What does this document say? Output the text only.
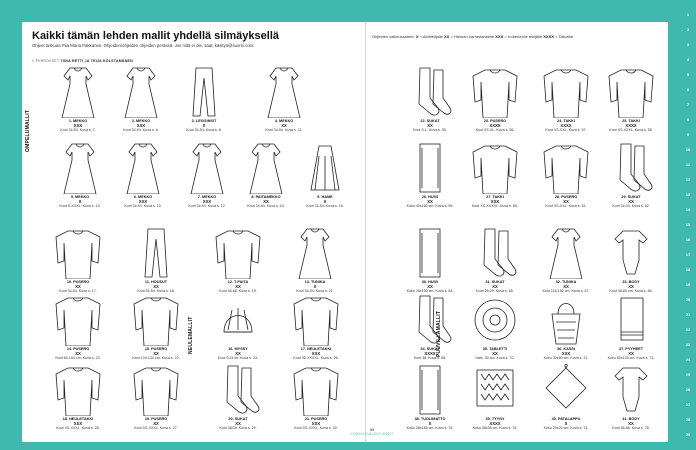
Kaikki tämän lehden mallit yhdellä silmäyksellä
Ohjeet laskuaa Piia Maria Pakkanen. Ohjeiden/ohjeiden ohjeiden perässä. Jos niitä ei ole, saat, käsityö@suomi.com.
// PIIRROKSET TIINA RETTI JA TEIJA KOLSTAMÄNEN
Ohjeiden vaikeusasteet: X = Aloittelijalle XX = Hieman harrastaneelle XXX = Kokeneelle tekijälle XXXX = Taiturille
OMPELUMALLIT
NEULEMALLIT	PUUVILLAMALLIT
1. MEKKO
XXX
Koot 34-54. Kuva s. 7.
2. MEKKO
XXX
Koot 34-54. Kuva s. 6.
3. LEGGINSIT
X
Koot 34-54. Kuva s. 8.
4. MEKKO
XX
Koot 34-54. Kuva s. 11.
5. MEKKO
X
Koot S-XXXL. Kuva s. 13.
6. MEKKO
XXX
Koot 34-54. Kuva s. 10.
7. MEKKO
XXX
Koot 34-54. Kuva s. 12.
8. PAITAMEKKO
XX
Koot 34-54. Kuva s. 14.
9. HAME
X
Koot 34-54. Kuva s. 16.
10. PUSERO
XX
Koot 34-54. Kuva s. 17.
11. HOUSUT
XX
Koot 34-54. Kuva s. 18.
12. T-PAITA
XX
Koot 46-68. Kuva s. 19.
13. TUNIKA
X
Koot 34-54. Kuva s. 21.
14. PUSERO
XX
Koot 80-104 cm. Kuva s. 23.
15. PUSERO
XX
Koot 104-134 cm. Kuva s. 22.
16. MYSSY
XX
Koot 0-24 kk. Kuva s. 24.
17. NEULETAKKI
XXX
Koot 92-XXXXL. Kuva s. 26.
18. NEULETAKKI
XXX
Koot XS-XXXL. Kuva s. 28.
19. PUSERO
XX
Koot XS-XXXL. Kuva s. 27.
20. SUKAT
XX
Koot 38/39. Kuva s. 29.
21. PUSERO
XXX
Koot XS-XXXL. Kuva s. 30.
22. SUKAT
XX
Koot S-L. Kuva s. 55.
23. PUSERO
XXXX
Koot XS-XL. Kuva s. 56.
24. TAKKI
XXXX
Koot XS-XXL. Kuva s. 57.
25. TAKKI
XXXX
Koot XS-XXXL. Kuva s. 58.
26. HUIVI
XX
Koko 40x160 cm. Kuva s. 59.
27. TAKKI
XXX
Koot XS-XXXXL. Kuva s. 60.
28. PUSERO
XX
Koot XS-XXL. Kuva s. 61.
29. SUKAT
XX
Koot 34-34. Kuva s. 62.
30. HUIVI
XX
Koko 35x190 cm. Kuva s. 64.
31. SUKAT
XX
Koot 26-29. Kuva s. 65.
32. TUNIKA
XX
Koot 116-152 cm. Kuva s. 67.
33. BODY
XX
Koot 48-80 cm. Kuva s. 66.
34. SUKAT
XXXX
Koot 38. Kuva s. 68.
35. TABLETTI
XX
Halk. 30 cm. Kuva s. 70.
36. KASSI
XXX
Koko 32x50 cm. Kuva s. 71.
37. PYYHEET
XX
Koko 60x125 cm. Kuva s. 73.
38. TUOLIMATTO
X
Koko 38x185 cm. Kuva s. 75.
39. TYYNY
XXXX
Koko 36x36 cm. Kuva s. 75.
40. PATALAPPU
X
Koko 20x20 cm. Kuva s. 74.
41. BODY
XX
Koot 56-86. Kuva s. 78.
93
KODIN KUVALEHTI 8/2017
1
2
3
4
5
6
7
8
9
10
11
12
13
14
15
16
17
18
19
20
21
22
23
24
25
26
27
28
29
